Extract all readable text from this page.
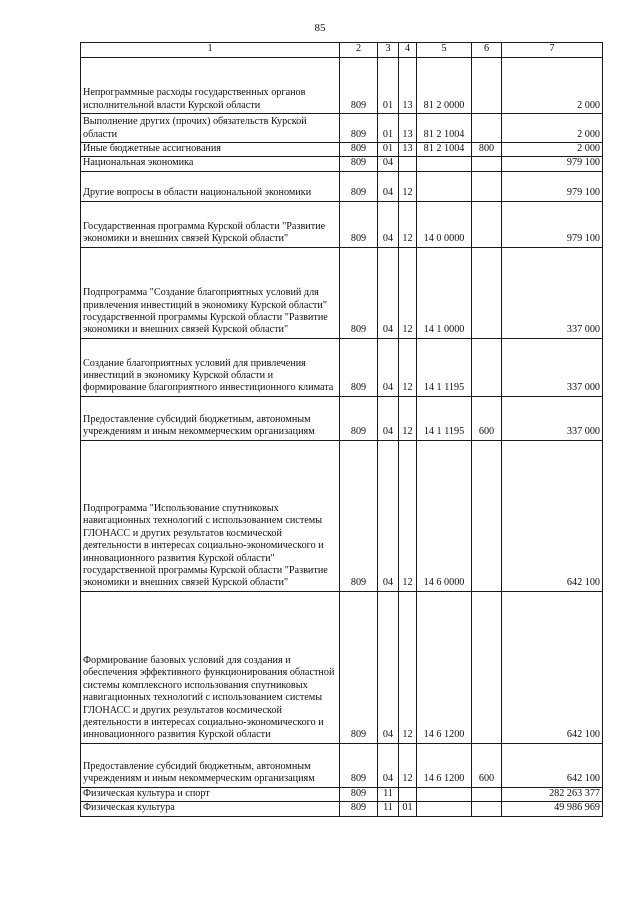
85
1	2	3	4	5	6	7
Непрограммные расходы государственных органов исполнительной власти Курской области	809	01	13	81 2 0000		2 000
Выполнение других (прочих) обязательств Курской области	809	01	13	81 2 1004		2 000
Иные бюджетные ассигнования	809	01	13	81 2 1004	800	2 000
Национальная экономика	809	04				979 100
Другие вопросы в области национальной экономики	809	04	12			979 100
Государственная программа Курской области "Развитие экономики и внешних связей Курской области"	809	04	12	14 0 0000		979 100
Подпрограмма "Создание благоприятных условий для привлечения инвестиций в экономику Курской области" государственной программы Курской области "Развитие экономики и внешних связей Курской области"	809	04	12	14 1 0000		337 000
Создание благоприятных условий для привлечения инвестиций в экономику Курской области и формирование благоприятного инвестиционного климата	809	04	12	14 1 1195		337 000
Предоставление субсидий бюджетным, автономным учреждениям и иным некоммерческим организациям	809	04	12	14 1 1195	600	337 000
Подпрограмма "Использование спутниковых навигационных технологий с использованием системы ГЛОНАСС и других результатов космической деятельности в интересах социально-экономического и инновационного развития Курской области" государственной программы Курской области "Развитие экономики и внешних связей Курской области"	809	04	12	14 6 0000		642 100
Формирование базовых условий для создания и обеспечения эффективного функционирования областной системы комплексного использования спутниковых навигационных технологий с использованием системы ГЛОНАСС и других результатов космической деятельности в интересах социально-экономического и инновационного развития Курской области	809	04	12	14 6 1200		642 100
Предоставление субсидий бюджетным, автономным учреждениям и иным некоммерческим организациям	809	04	12	14 6 1200	600	642 100
Физическая культура и спорт	809	11				282 263 377
Физическая культура	809	11	01			49 986 969
